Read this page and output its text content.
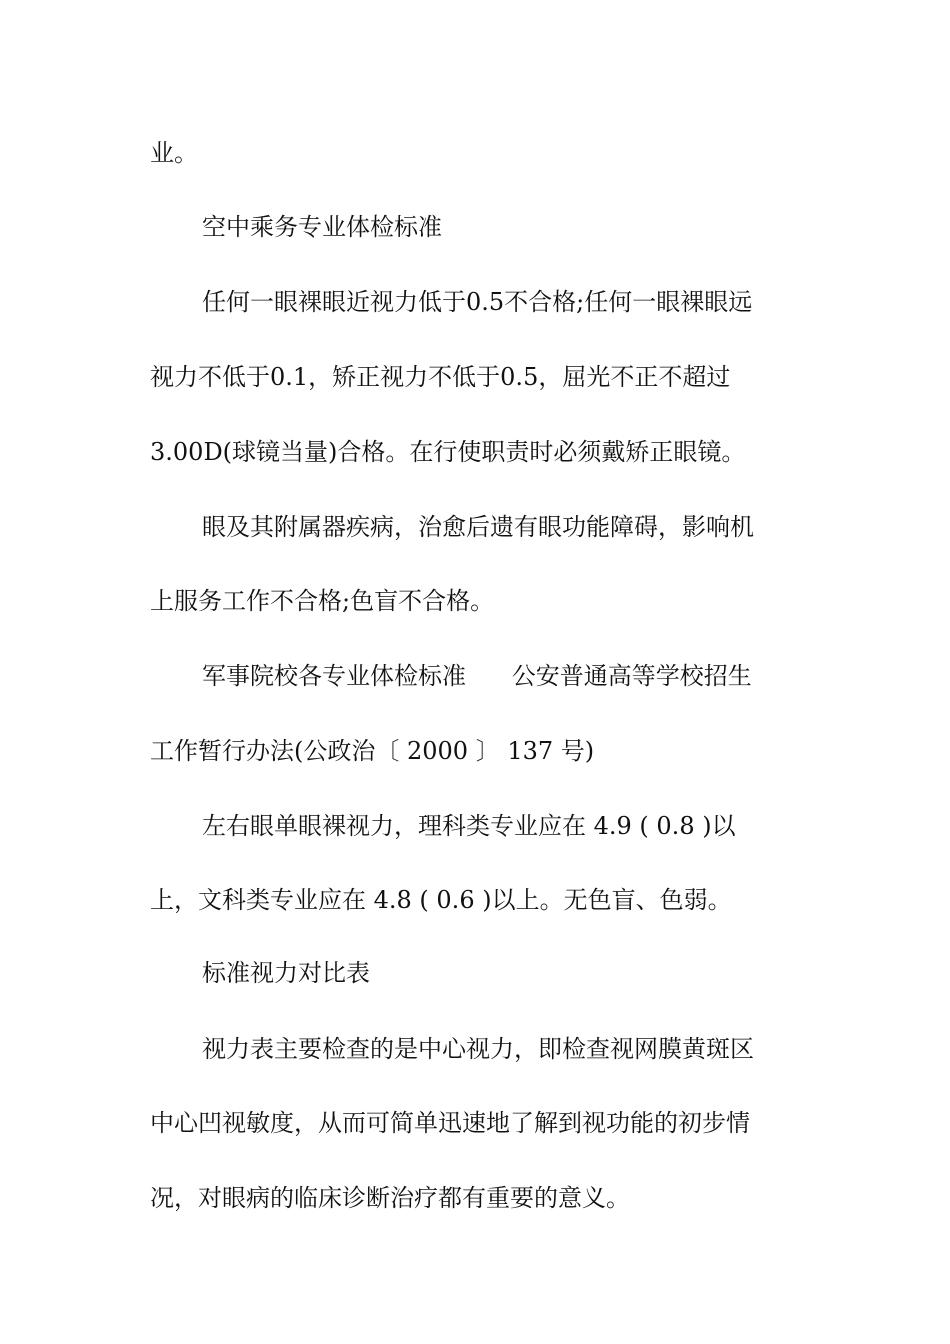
业。
空中乘务专业体检标准
任何一眼裸眼近视力低于0.5不合格;任何一眼裸眼远
视力不低于0.1，矫正视力不低于0.5，屈光不正不超过
3.00D(球镜当量)合格。在行使职责时必须戴矫正眼镜。
眼及其附属器疾病，治愈后遗有眼功能障碍，影响机
上服务工作不合格;色盲不合格。
军事院校各专业体检标准      公安普通高等学校招生
工作暂行办法(公政治〔 2000 〕 137 号)
左右眼单眼裸视力，理科类专业应在 4.9 ( 0.8 )以
上，文科类专业应在 4.8 ( 0.6 )以上。无色盲、色弱。
标准视力对比表
视力表主要检查的是中心视力，即检查视网膜黄斑区
中心凹视敏度，从而可简单迅速地了解到视功能的初步情
况，对眼病的临床诊断治疗都有重要的意义。
